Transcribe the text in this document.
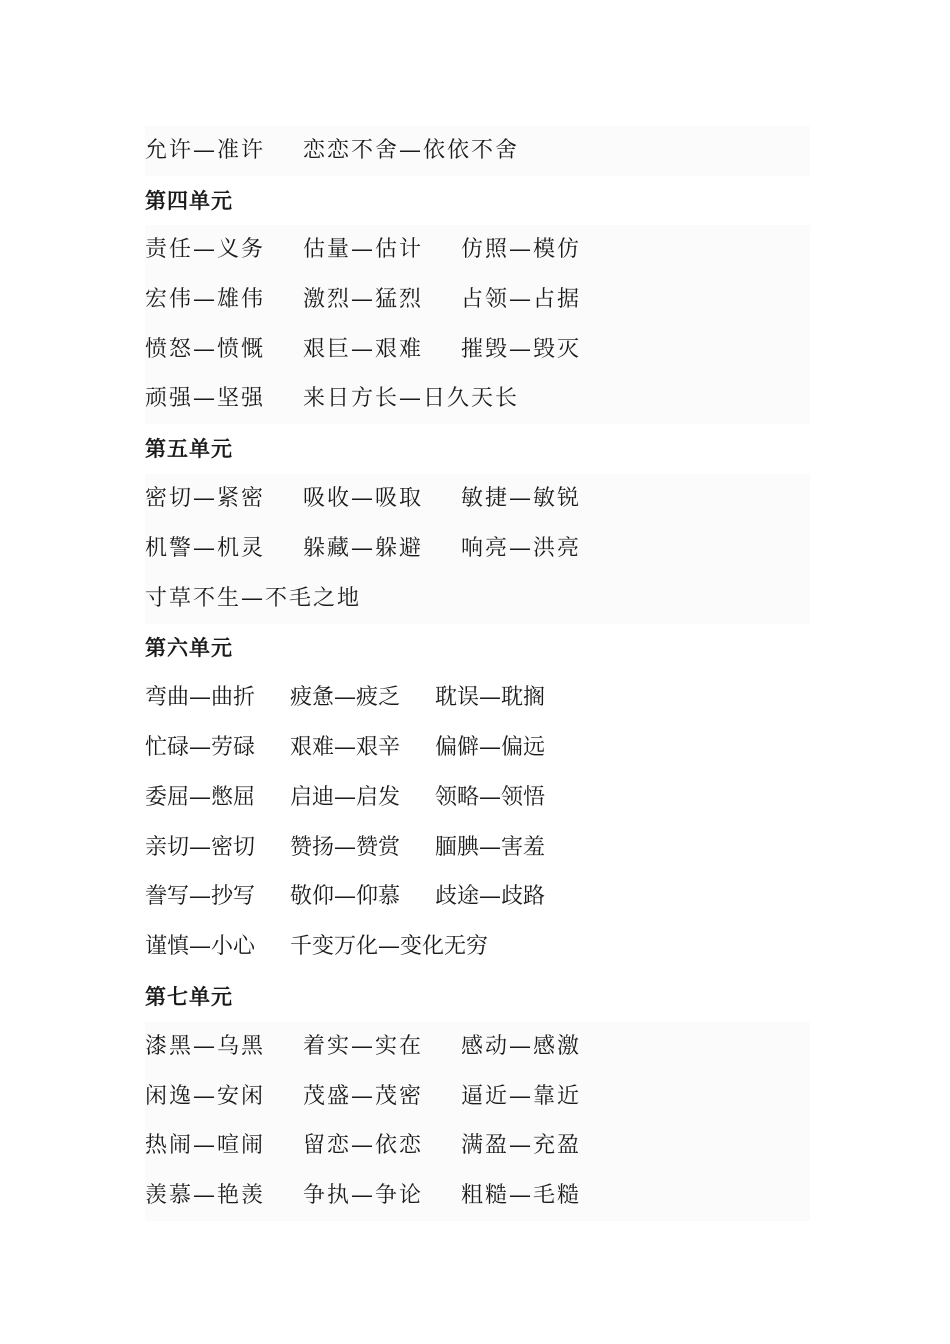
允许—准许 恋恋不舍—依依不舍
第四单元
责任—义务 估量—估计 仿照—模仿
宏伟—雄伟 激烈—猛烈 占领—占据
愤怒—愤慨 艰巨—艰难 摧毁—毁灭
顽强—坚强 来日方长—日久天长
第五单元
密切—紧密 吸收—吸取 敏捷—敏锐
机警—机灵 躲藏—躲避 响亮—洪亮
寸草不生—不毛之地
第六单元
弯曲—曲折 疲惫—疲乏 耽误—耽搁
忙碌—劳碌 艰难—艰辛 偏僻—偏远
委屈—憋屈 启迪—启发 领略—领悟
亲切—密切 赞扬—赞赏 腼腆—害羞
誊写—抄写 敬仰—仰慕 歧途—歧路
谨慎—小心 千变万化—变化无穷
第七单元
漆黑—乌黑 着实—实在 感动—感激
闲逸—安闲 茂盛—茂密 逼近—靠近
热闹—喧闹 留恋—依恋 满盈—充盈
羡慕—艳羡 争执—争论 粗糙—毛糙
